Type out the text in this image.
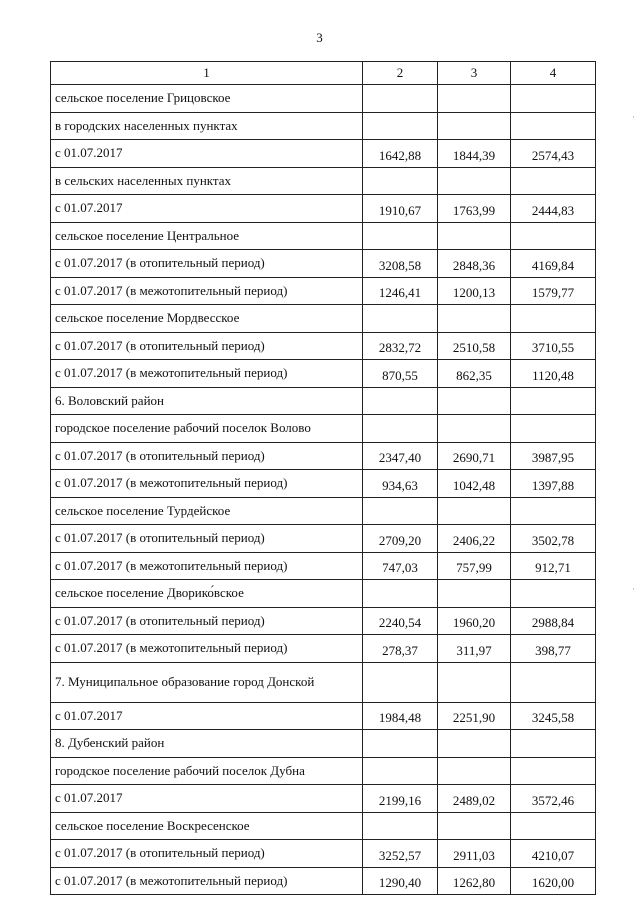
3
1	2	3	4
сельское поселение Грицовское			
в городских населенных пунктах			
с 01.07.2017	1642,88	1844,39	2574,43
в сельских населенных пунктах			
с 01.07.2017	1910,67	1763,99	2444,83
сельское поселение Центральное			
с 01.07.2017 (в отопительный период)	3208,58	2848,36	4169,84
с 01.07.2017 (в межотопительный период)	1246,41	1200,13	1579,77
сельское поселение Мордвесское			
с 01.07.2017 (в отопительный период)	2832,72	2510,58	3710,55
с 01.07.2017 (в межотопительный период)	870,55	862,35	1120,48
6. Воловский район			
городское поселение рабочий поселок Волово			
с 01.07.2017 (в отопительный период)	2347,40	2690,71	3987,95
с 01.07.2017 (в межотопительный период)	934,63	1042,48	1397,88
сельское поселение Турдейское			
с 01.07.2017 (в отопительный период)	2709,20	2406,22	3502,78
с 01.07.2017 (в межотопительный период)	747,03	757,99	912,71
сельское поселение Дворико́вское			
с 01.07.2017 (в отопительный период)	2240,54	1960,20	2988,84
с 01.07.2017 (в межотопительный период)	278,37	311,97	398,77
7. Муниципальное образование город Донской			
с 01.07.2017	1984,48	2251,90	3245,58
8. Дубенский район			
городское поселение рабочий поселок Дубна			
с 01.07.2017	2199,16	2489,02	3572,46
сельское поселение Воскресенское			
с 01.07.2017 (в отопительный период)	3252,57	2911,03	4210,07
с 01.07.2017 (в межотопительный период)	1290,40	1262,80	1620,00
·
·
